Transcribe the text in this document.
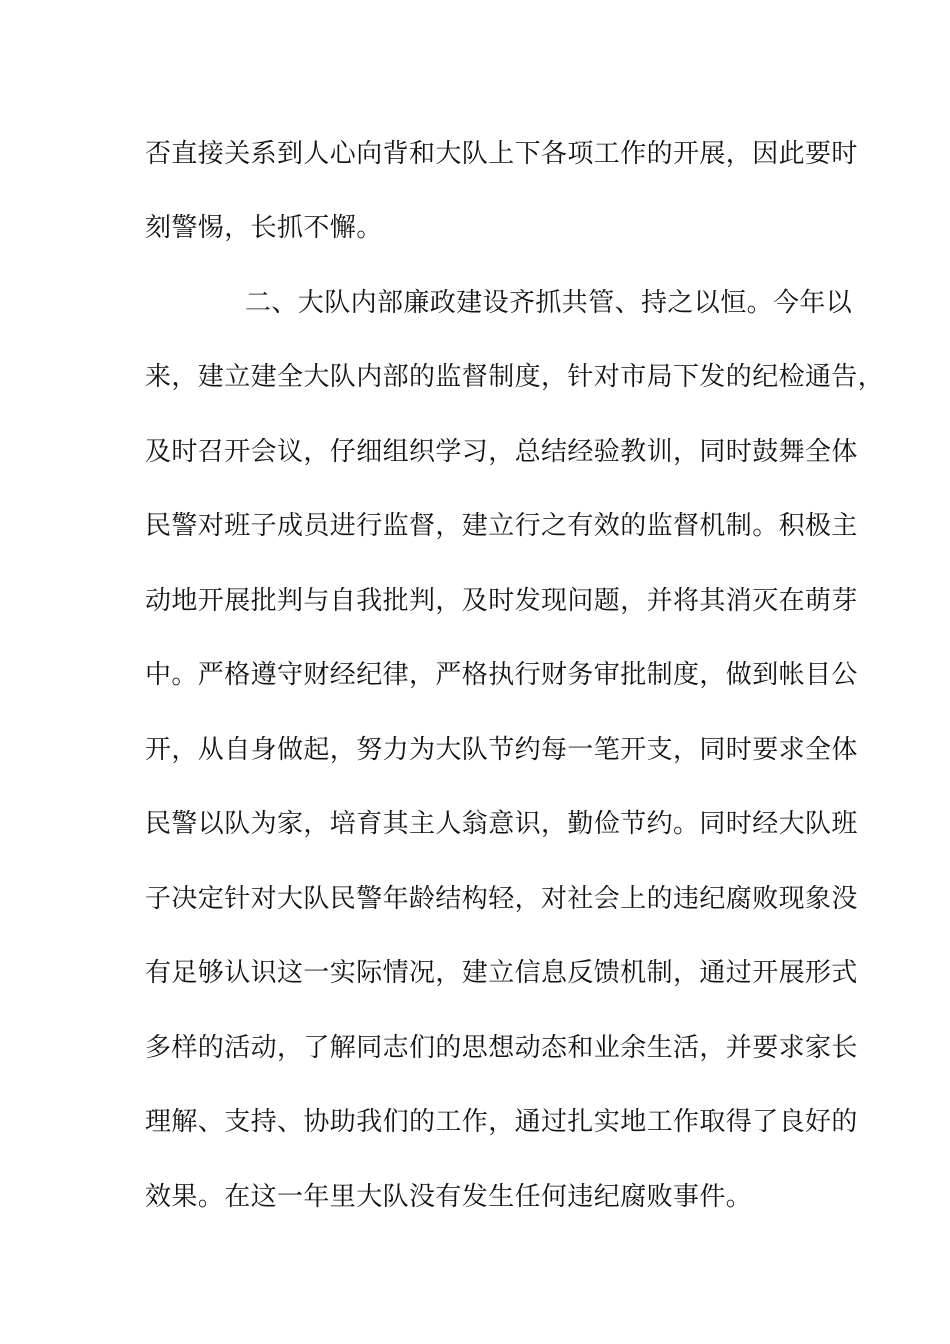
否直接关系到人心向背和大队上下各项工作的开展，因此要时
刻警惕，长抓不懈。
二、大队内部廉政建设齐抓共管、持之以恒。今年以
来，建立建全大队内部的监督制度，针对市局下发的纪检通告，
及时召开会议，仔细组织学习，总结经验教训，同时鼓舞全体
民警对班子成员进行监督，建立行之有效的监督机制。积极主
动地开展批判与自我批判，及时发现问题，并将其消灭在萌芽
中。严格遵守财经纪律，严格执行财务审批制度，做到帐目公
开，从自身做起，努力为大队节约每一笔开支，同时要求全体
民警以队为家，培育其主人翁意识，勤俭节约。同时经大队班
子决定针对大队民警年龄结构轻，对社会上的违纪腐败现象没
有足够认识这一实际情况，建立信息反馈机制，通过开展形式
多样的活动，了解同志们的思想动态和业余生活，并要求家长
理解、支持、协助我们的工作，通过扎实地工作取得了良好的
效果。在这一年里大队没有发生任何违纪腐败事件。
